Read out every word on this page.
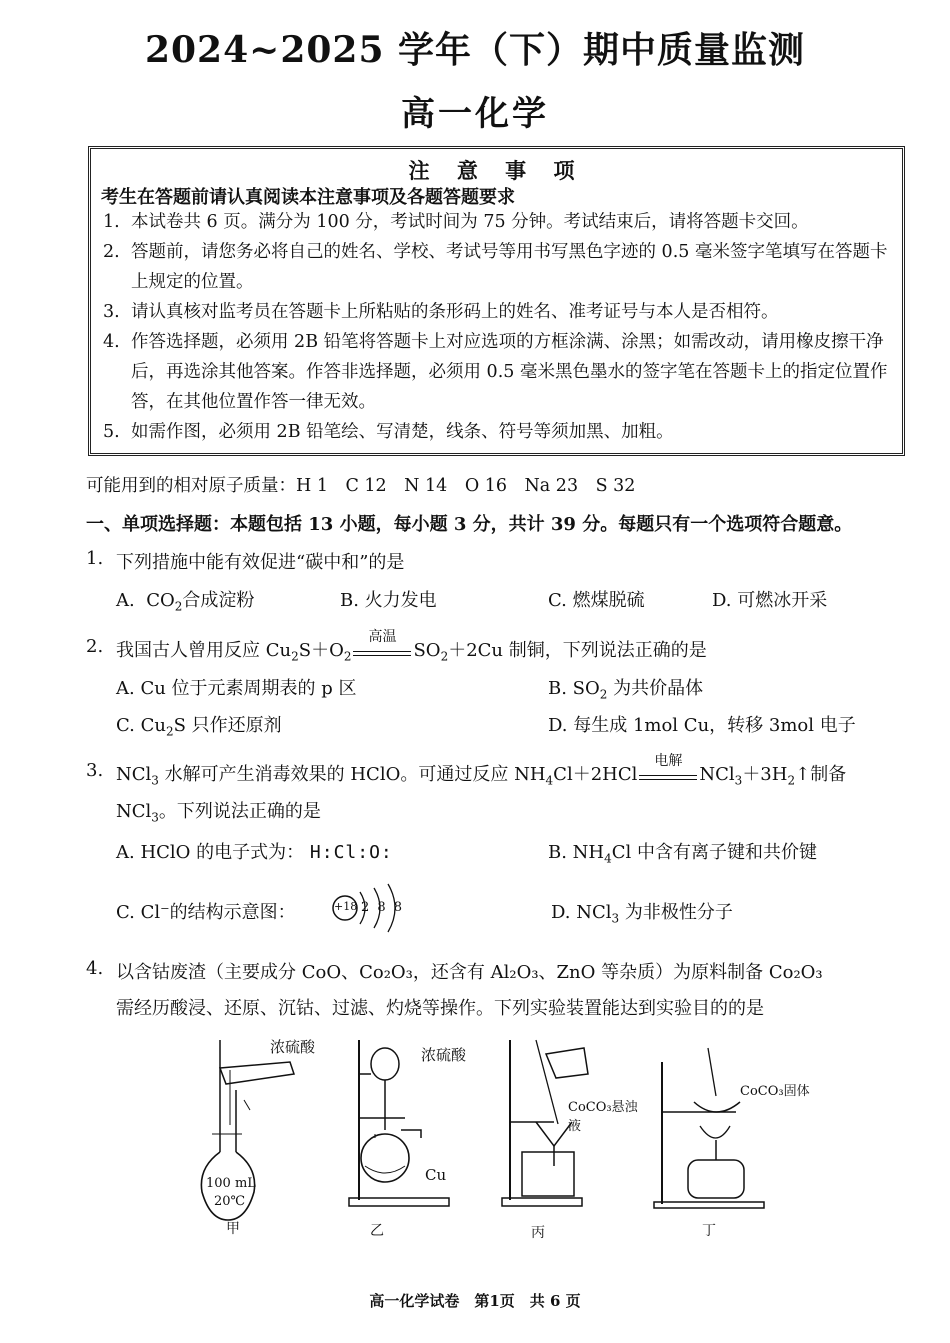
2024~2025 学年（下）期中质量监测
高一化学
注 意 事 项
考生在答题前请认真阅读本注意事项及各题答题要求
1. 本试卷共 6 页。满分为 100 分，考试时间为 75 分钟。考试结束后，请将答题卡交回。
2. 答题前，请您务必将自己的姓名、学校、考试号等用书写黑色字迹的 0.5 毫米签字笔填写在答题卡上规定的位置。
3. 请认真核对监考员在答题卡上所粘贴的条形码上的姓名、准考证号与本人是否相符。
4. 作答选择题，必须用 2B 铅笔将答题卡上对应选项的方框涂满、涂黑；如需改动，请用橡皮擦干净后，再选涂其他答案。作答非选择题，必须用 0.5 毫米黑色墨水的签字笔在答题卡上的指定位置作答，在其他位置作答一律无效。
5. 如需作图，必须用 2B 铅笔绘、写清楚，线条、符号等须加黑、加粗。
可能用到的相对原子质量：H 1　C 12　N 14　O 16　Na 23　S 32
一、单项选择题：本题包括 13 小题，每小题 3 分，共计 39 分。每题只有一个选项符合题意。
1. 下列措施中能有效促进“碳中和”的是
A. $CO_2$合成淀粉	B. 火力发电	C. 燃煤脱硫	D. 可燃冰开采
2. 我国古人曾用反应 $Cu_2S+O_2$
高温
$SO_2+2Cu$ 制铜，下列说法正确的是
A. Cu 位于元素周期表的 p 区	B. $SO_2$ 为共价晶体
C. $Cu_2S$ 只作还原剂	D. 每生成 1mol Cu，转移 3mol 电子
3. NCl$_3$ 水解可产生消毒效果的 HClO。可通过反应 $NH_4Cl+2HCl$
电解
$NCl_3+3H_2↑$制备
NCl$_3$。下列说法正确的是
A. HClO 的电子式为： H:Cl:O:	B. $NH_4Cl$ 中含有离子键和共价键
C. Cl⁻的结构示意图：	+18 2 8 8	D. NCl$_3$ 为非极性分子
4. 以含钴废渣（主要成分 CoO、Co₂O₃，还含有 Al₂O₃、ZnO 等杂质）为原料制备 Co₂O₃
需经历酸浸、还原、沉钴、过滤、灼烧等操作。下列实验装置能达到实验目的的是
浓硫酸
100 mL
20℃
甲
浓硫酸
Cu
乙
CoCO₃悬浊液
丙
CoCO₃固体
丁
高一化学试卷　第1页　共 6 页
